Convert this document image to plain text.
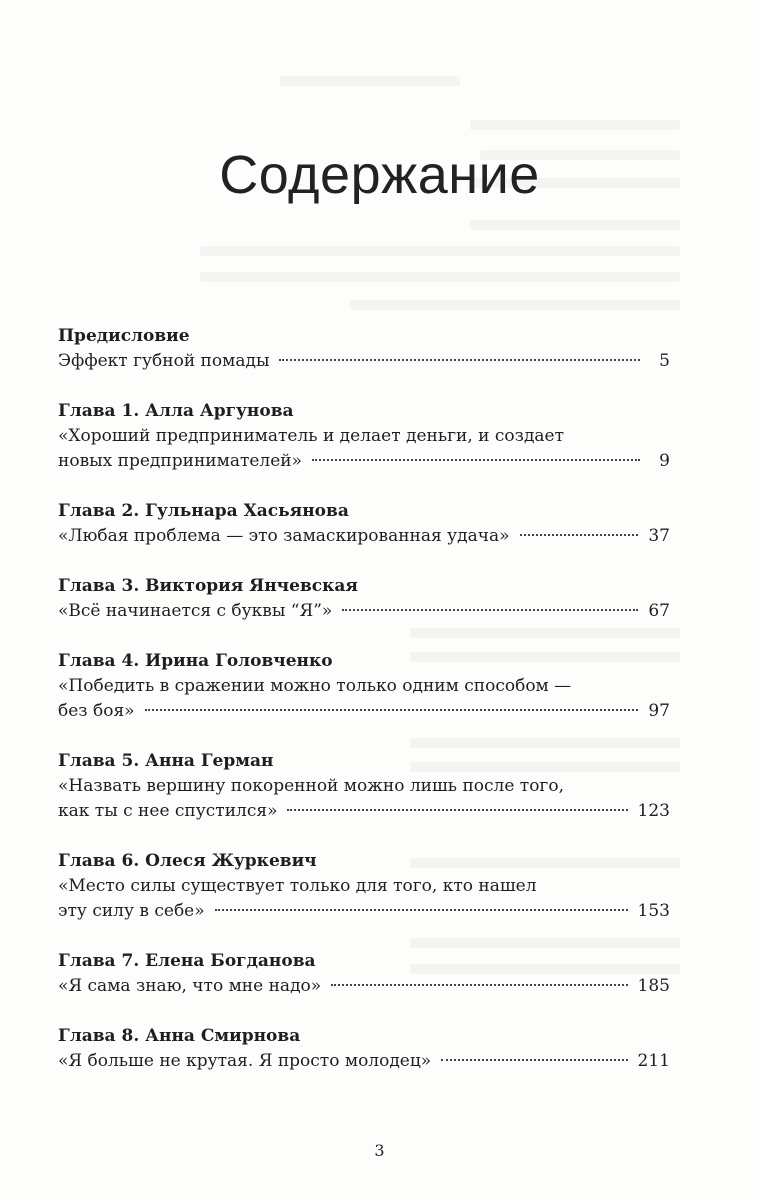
Содержание
Предисловие
Эффект губной помады	5
Глава 1. Алла Аргунова
«Хороший предприниматель и делает деньги, и создает
новых предпринимателей»	9
Глава 2. Гульнара Хасьянова
«Любая проблема — это замаскированная удача»	37
Глава 3. Виктория Янчевская
«Всё начинается с буквы “Я”»	67
Глава 4. Ирина Головченко
«Победить в сражении можно только одним способом —
без боя»	97
Глава 5. Анна Герман
«Назвать вершину покоренной можно лишь после того,
как ты с нее спустился»	123
Глава 6. Олеся Журкевич
«Место силы существует только для того, кто нашел
эту силу в себе»	153
Глава 7. Елена Богданова
«Я сама знаю, что мне надо»	185
Глава 8. Анна Смирнова
«Я больше не крутая. Я просто молодец»	211
3
